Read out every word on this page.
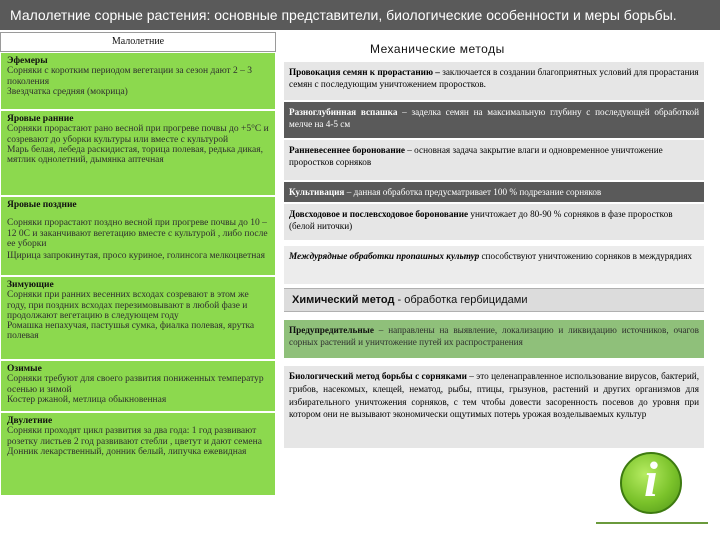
Малолетние сорные растения: основные представители, биологические особенности и меры борьбы.
Малолетние

Эфемеры

Сорняки с коротким периодом вегетации за сезон дают 2 – 3 поколения

Звездчатка средняя (мокрица)

Яровые ранние

Сорняки прорастают рано весной при прогреве почвы до +5°С и созревают до уборки культуры или вместе с культурой

Марь белая, лебеда раскидистая, торица полевая, редька дикая, мятлик однолетний, дымянка аптечная

Яровые поздние

Сорняки прорастают поздно весной при прогреве почвы до 10 – 12 0С и заканчивают вегетацию вместе с культурой , либо после ее уборки

Щирица запрокинутая, просо куриное, голинсога мелкоцветная

Зимующие

Сорняки при ранних весенних всходах созревают в этом же году, при поздних всходах перезимовывают в любой фазе и продолжают вегетацию в следующем году

Ромашка непахучая, пастушья сумка, фиалка полевая, ярутка полевая

Озимые

Сорняки требуют для своего развития пониженных температур осенью и зимой

Костер ржаной, метлица обыкновенная

Двулетние

Сорняки проходят цикл развития за два года: 1 год развивают розетку листьев 2 год развивают стебли , цветут и дают семена

Донник лекарственный, донник белый, липучка ежевидная

Механические методы
Провокация семян к прорастанию – заключается в создании благоприятных условий для прорастания семян с последующим уничтожением проростков.
Разноглубинная вспашка – заделка семян на максимальную глубину с последующей обработкой мелче на 4-5 см
Ранневесеннее боронование – основная задача закрытие влаги и одновременное уничтожение проростков сорняков
Культивация – данная обработка предусматривает 100 % подрезание сорняков
Довсходовое и послевсходовое боронование уничтожает до 80-90 % сорняков в фазе проростков (белой ниточки)
Междурядные обработки пропашных культур способствуют уничтожению сорняков в междурядиях
Химический метод - обработка гербицидами
Предупредительные – направлены на выявление, локализацию и ликвидацию источников, очагов сорных растений и уничтожение путей их распространения
Биологический метод борьбы с сорняками – это целенаправленное использование вирусов, бактерий, грибов, насекомых, клещей, нематод, рыбы, птицы, грызунов, растений и других организмов для избирательного уничтожения сорняков, с тем чтобы довести засоренность посевов до уровня при котором они не вызывают экономически ощутимых потерь урожая возделываемых культур
i
